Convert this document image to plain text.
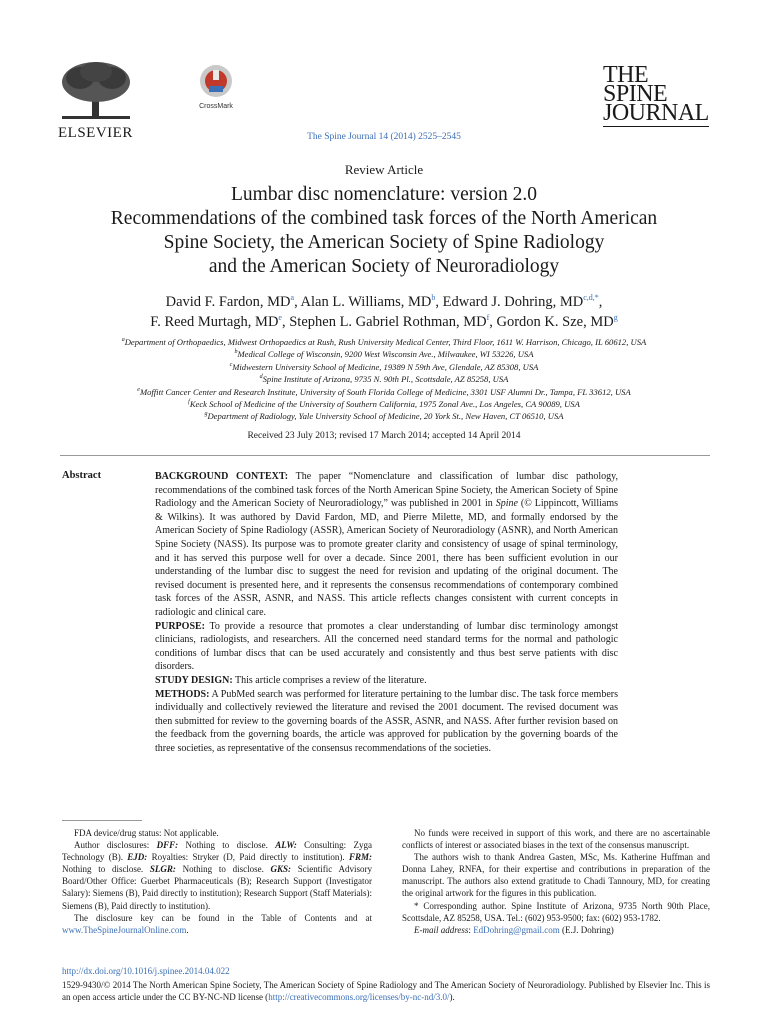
ELSEVIER
CrossMark
The Spine Journal 14 (2014) 2525–2545
THE
SPINE
JOURNAL
Review Article
Lumbar disc nomenclature: version 2.0
Recommendations of the combined task forces of the North American
Spine Society, the American Society of Spine Radiology
and the American Society of Neuroradiology
David F. Fardon, $MD^a$, Alan L. Williams, $MD^b$, Edward J. Dohring, $MD^{c,d,*}$,
F. Reed Murtagh, MDe, Stephen L. Gabriel Rothman, $MD^f$, Gordon K. Sze, $MD^g$
$^a$Department of Orthopaedics, Midwest Orthopaedics at Rush, Rush University Medical Center, Third Floor, 1611 W. Harrison, Chicago, IL 60612, USA
$^b$Medical College of Wisconsin, 9200 West Wisconsin Ave., Milwaukee, WI 53226, USA
$^c$Midwestern University School of Medicine, 19389 N 59th Ave, Glendale, AZ 85308, USA
$^d$Spine Institute of Arizona, 9735 N. 90th Pl., Scottsdale, AZ 85258, USA
$^e$Moffitt Cancer Center and Research Institute, University of South Florida College of Medicine, 3301 USF Alumni Dr., Tampa, FL 33612, USA
$^f$Keck School of Medicine of the University of Southern California, 1975 Zonal Ave., Los Angeles, CA 90089, USA
$^g$Department of Radiology, Yale University School of Medicine, 20 York St., New Haven, CT 06510, USA
Received 23 July 2013; revised 17 March 2014; accepted 14 April 2014
Abstract	BACKGROUND CONTEXT: The paper “Nomenclature and classification of lumbar disc pathology, recommendations of the combined task forces of the North American Spine Society, the American Society of Spine Radiology and the American Society of Neuroradiology,” was published in 2001 in Spine (© Lippincott, Williams & Wilkins). It was authored by David Fardon, MD, and Pierre Milette, MD, and formally endorsed by the American Society of Spine Radiology (ASSR), American Society of Neuroradiology (ASNR), and North American Spine Society (NASS). Its purpose was to promote greater clarity and consistency of usage of spinal terminology, and it has served this purpose well for over a decade. Since 2001, there has been sufficient evolution in our understanding of the lumbar disc to suggest the need for revision and updating of the original document. The revised document is presented here, and it represents the consensus recommendations of contemporary combined task forces of the ASSR, ASNR, and NASS. This article reflects changes consistent with current concepts in radiologic and clinical care.

PURPOSE: To provide a resource that promotes a clear understanding of lumbar disc terminology amongst clinicians, radiologists, and researchers. All the concerned need standard terms for the normal and pathologic conditions of lumbar discs that can be used accurately and consistently and thus best serve patients with disc disorders.

STUDY DESIGN: This article comprises a review of the literature.

METHODS: A PubMed search was performed for literature pertaining to the lumbar disc. The task force members individually and collectively reviewed the literature and revised the 2001 document. The revised document was then submitted for review to the governing boards of the ASSR, ASNR, and NASS. After further revision based on the feedback from the governing boards, the article was approved for publication by the governing boards of the three societies, as representative of the consensus recommendations of the societies.

FDA device/drug status: Not applicable.

Author disclosures: DFF: Nothing to disclose. ALW: Consulting: Zyga Technology (B). EJD: Royalties: Stryker (D, Paid directly to institution). FRM: Nothing to disclose. SLGR: Nothing to disclose. GKS: Scientific Advisory Board/Other Office: Guerbet Pharmaceuticals (B); Research Support (Investigator Salary): Siemens (B), Paid directly to institution); Research Support (Staff Materials): Siemens (B), Paid directly to institution).

The disclosure key can be found in the Table of Contents and at www.TheSpineJournalOnline.com.

No funds were received in support of this work, and there are no ascertainable conflicts of interest or associated biases in the text of the consensus manuscript.

The authors wish to thank Andrea Gasten, MSc, Ms. Katherine Huffman and Donna Lahey, RNFA, for their expertise and contributions in preparation of the manuscript. The authors also extend gratitude to Chadi Tannoury, MD, for creating the original artwork for the figures in this publication.

* Corresponding author. Spine Institute of Arizona, 9735 North 90th Place, Scottsdale, AZ 85258, USA. Tel.: (602) 953-9500; fax: (602) 953-1782.

E-mail address: EdDohring@gmail.com (E.J. Dohring)

http://dx.doi.org/10.1016/j.spinee.2014.04.022
1529-9430/© 2014 The North American Spine Society, The American Society of Spine Radiology and The American Society of Neuroradiology. Published by Elsevier Inc. This is an open access article under the CC BY-NC-ND license (http://creativecommons.org/licenses/by-nc-nd/3.0/).
